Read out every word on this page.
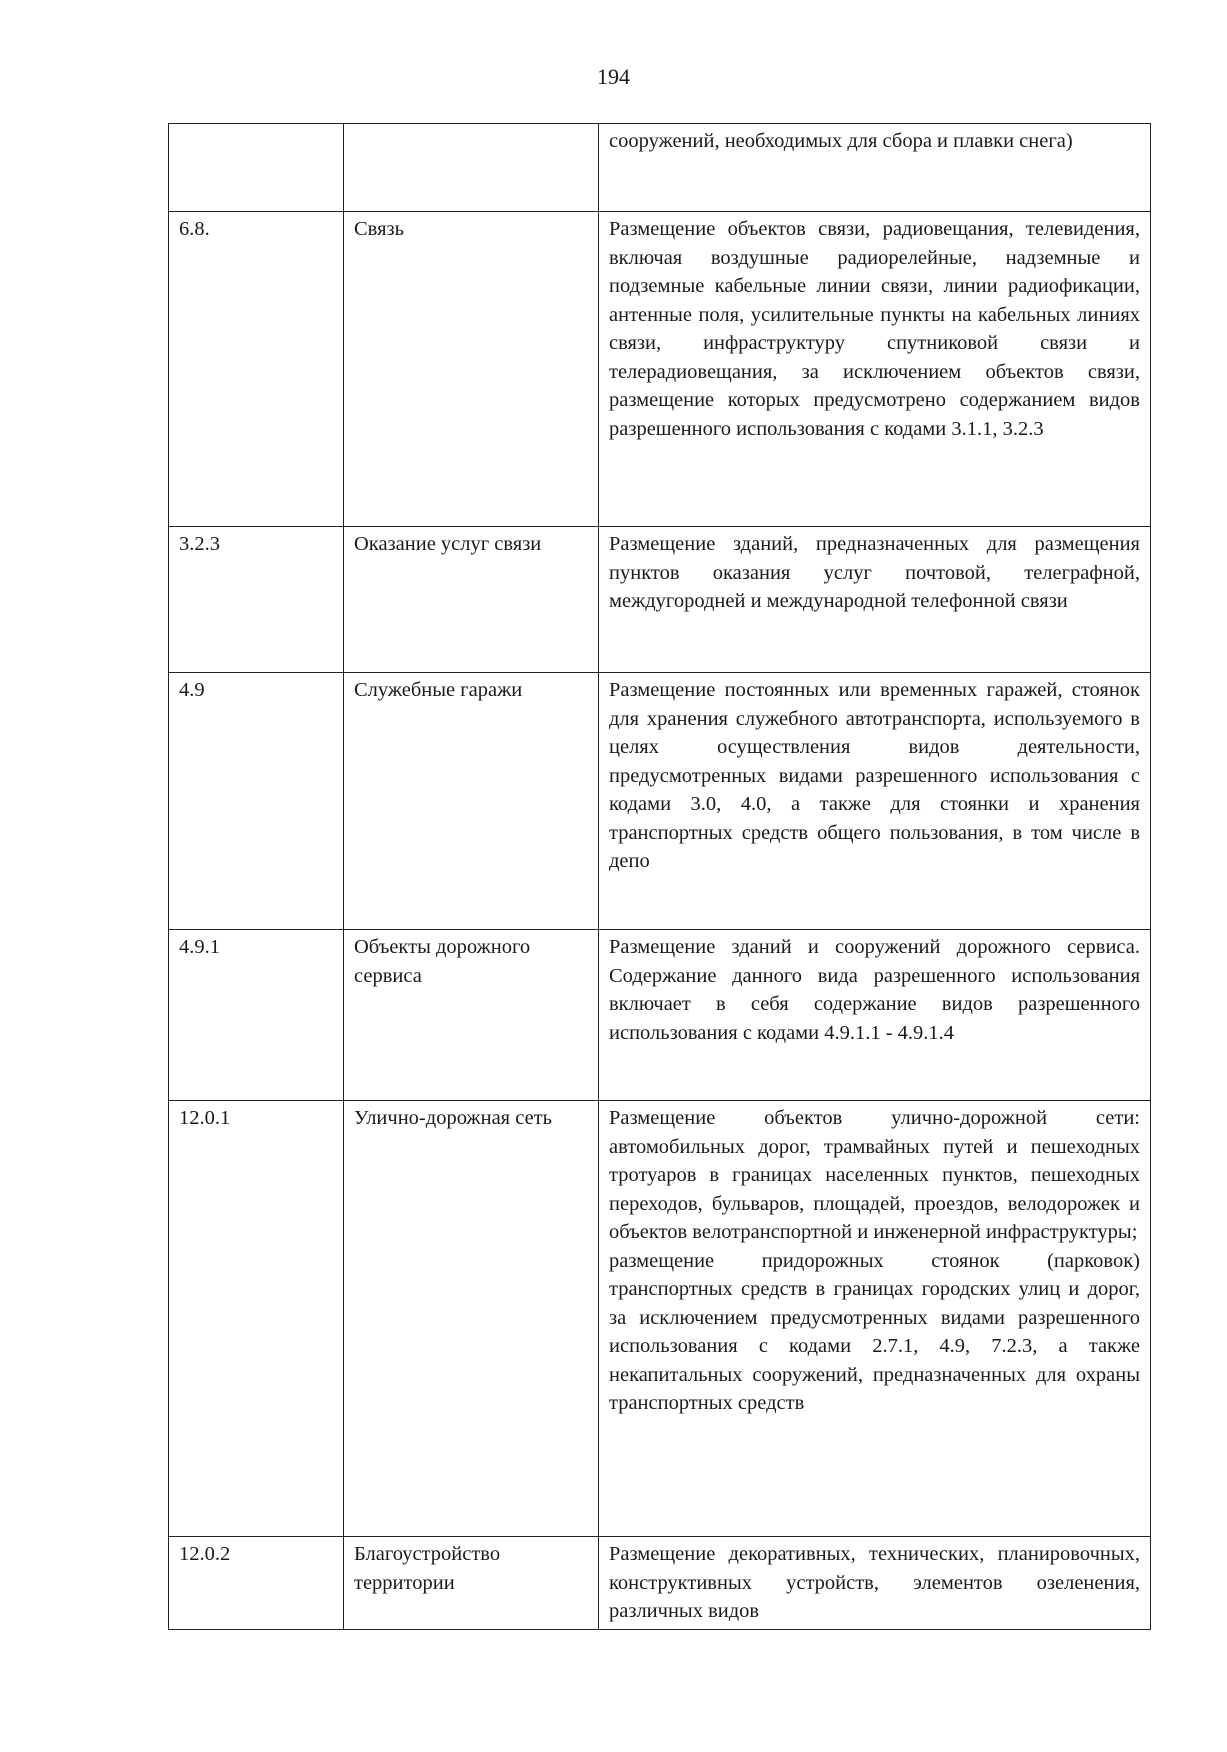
194

		сооружений, необходимых для сбора и плавки снега)

6.8.	Связь	Размещение объектов связи, радиовещания, телевидения, включая воздушные радиорелейные, надземные и подземные кабельные линии связи, линии радиофикации, антенные поля, усилительные пункты на кабельных линиях связи, инфраструктуру спутниковой связи и телерадиовещания, за исключением объектов связи, размещение которых предусмотрено содержанием видов разрешенного использования с кодами 3.1.1, 3.2.3

3.2.3	Оказание услуг связи	Размещение зданий, предназначенных для размещения пунктов оказания услуг почтовой, телеграфной, междугородней и международной телефонной связи

4.9	Служебные гаражи	Размещение постоянных или временных гаражей, стоянок для хранения служебного автотранспорта, используемого в целях осуществления видов деятельности, предусмотренных видами разрешенного использования с кодами 3.0, 4.0, а также для стоянки и хранения транспортных средств общего пользования, в том числе в депо

4.9.1	Объекты дорожного сервиса	Размещение зданий и сооружений дорожного сервиса. Содержание данного вида разрешенного использования включает в себя содержание видов разрешенного использования с кодами 4.9.1.1 - 4.9.1.4

12.0.1	Улично-дорожная сеть	Размещение объектов улично-дорожной сети: автомобильных дорог, трамвайных путей и пешеходных тротуаров в границах населенных пунктов, пешеходных переходов, бульваров, площадей, проездов, велодорожек и объектов велотранспортной и инженерной инфраструктуры;
размещение придорожных стоянок (парковок) транспортных средств в границах городских улиц и дорог, за исключением предусмотренных видами разрешенного использования с кодами 2.7.1, 4.9, 7.2.3, а также некапитальных сооружений, предназначенных для охраны транспортных средств

12.0.2	Благоустройство территории	Размещение декоративных, технических, планировочных, конструктивных устройств, элементов озеленения, различных видов
